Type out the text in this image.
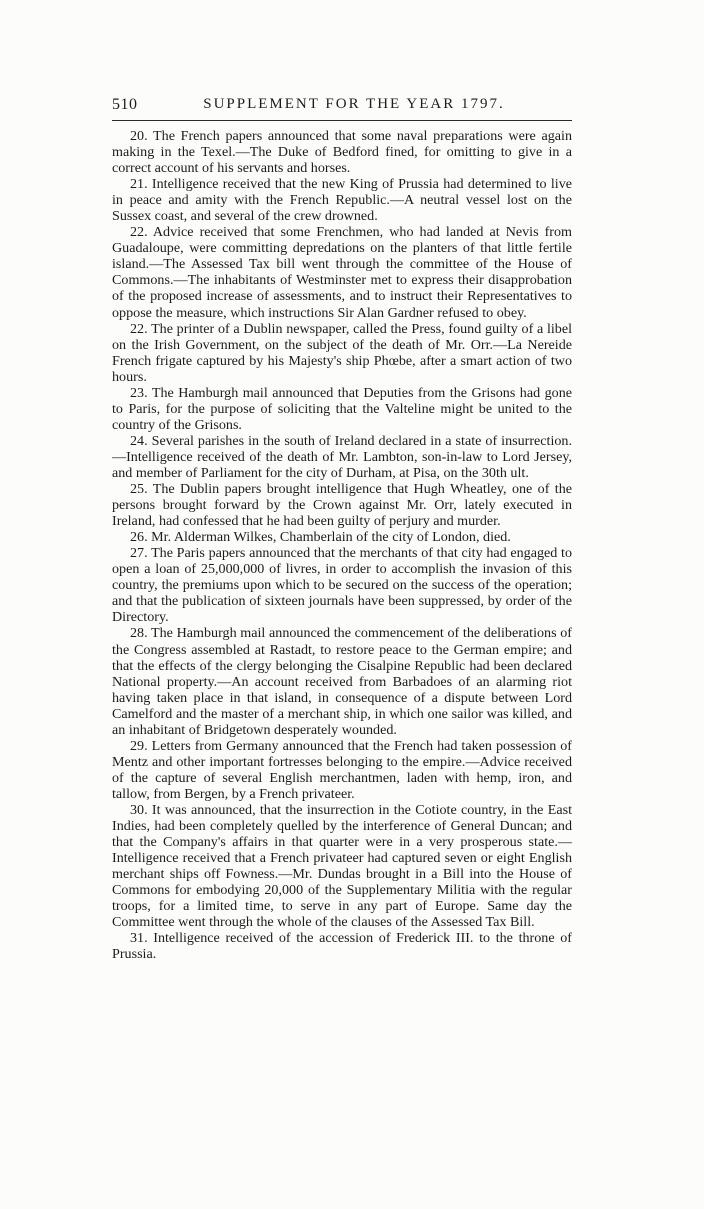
510	SUPPLEMENT FOR THE YEAR 1797.

20. The French papers announced that some naval preparations were again making in the Texel.—The Duke of Bedford fined, for omitting to give in a correct account of his servants and horses.

21. Intelligence received that the new King of Prussia had determined to live in peace and amity with the French Republic.—A neutral vessel lost on the Sussex coast, and several of the crew drowned.

22. Advice received that some Frenchmen, who had landed at Nevis from Guadaloupe, were committing depredations on the planters of that little fertile island.—The Assessed Tax bill went through the committee of the House of Commons.—The inhabitants of Westminster met to express their disapprobation of the proposed increase of assessments, and to instruct their Representatives to oppose the measure, which instructions Sir Alan Gardner refused to obey.

22. The printer of a Dublin newspaper, called the Press, found guilty of a libel on the Irish Government, on the subject of the death of Mr. Orr.—La Nereide French frigate captured by his Majesty's ship Phœbe, after a smart action of two hours.

23. The Hamburgh mail announced that Deputies from the Grisons had gone to Paris, for the purpose of soliciting that the Valteline might be united to the country of the Grisons.

24. Several parishes in the south of Ireland declared in a state of insurrection.—Intelligence received of the death of Mr. Lambton, son-in-law to Lord Jersey, and member of Parliament for the city of Durham, at Pisa, on the 30th ult.

25. The Dublin papers brought intelligence that Hugh Wheatley, one of the persons brought forward by the Crown against Mr. Orr, lately executed in Ireland, had confessed that he had been guilty of perjury and murder.

26. Mr. Alderman Wilkes, Chamberlain of the city of London, died.

27. The Paris papers announced that the merchants of that city had engaged to open a loan of 25,000,000 of livres, in order to accomplish the invasion of this country, the premiums upon which to be secured on the success of the operation; and that the publication of sixteen journals have been suppressed, by order of the Directory.

28. The Hamburgh mail announced the commencement of the deliberations of the Congress assembled at Rastadt, to restore peace to the German empire; and that the effects of the clergy belonging the Cisalpine Republic had been declared National property.—An account received from Barbadoes of an alarming riot having taken place in that island, in consequence of a dispute between Lord Camelford and the master of a merchant ship, in which one sailor was killed, and an inhabitant of Bridgetown desperately wounded.

29. Letters from Germany announced that the French had taken possession of Mentz and other important fortresses belonging to the empire.—Advice received of the capture of several English merchantmen, laden with hemp, iron, and tallow, from Bergen, by a French privateer.

30. It was announced, that the insurrection in the Cotiote country, in the East Indies, had been completely quelled by the interference of General Duncan; and that the Company's affairs in that quarter were in a very prosperous state.—Intelligence received that a French privateer had captured seven or eight English merchant ships off Fowness.—Mr. Dundas brought in a Bill into the House of Commons for embodying 20,000 of the Supplementary Militia with the regular troops, for a limited time, to serve in any part of Europe. Same day the Committee went through the whole of the clauses of the Assessed Tax Bill.

31. Intelligence received of the accession of Frederick III. to the throne of Prussia.
